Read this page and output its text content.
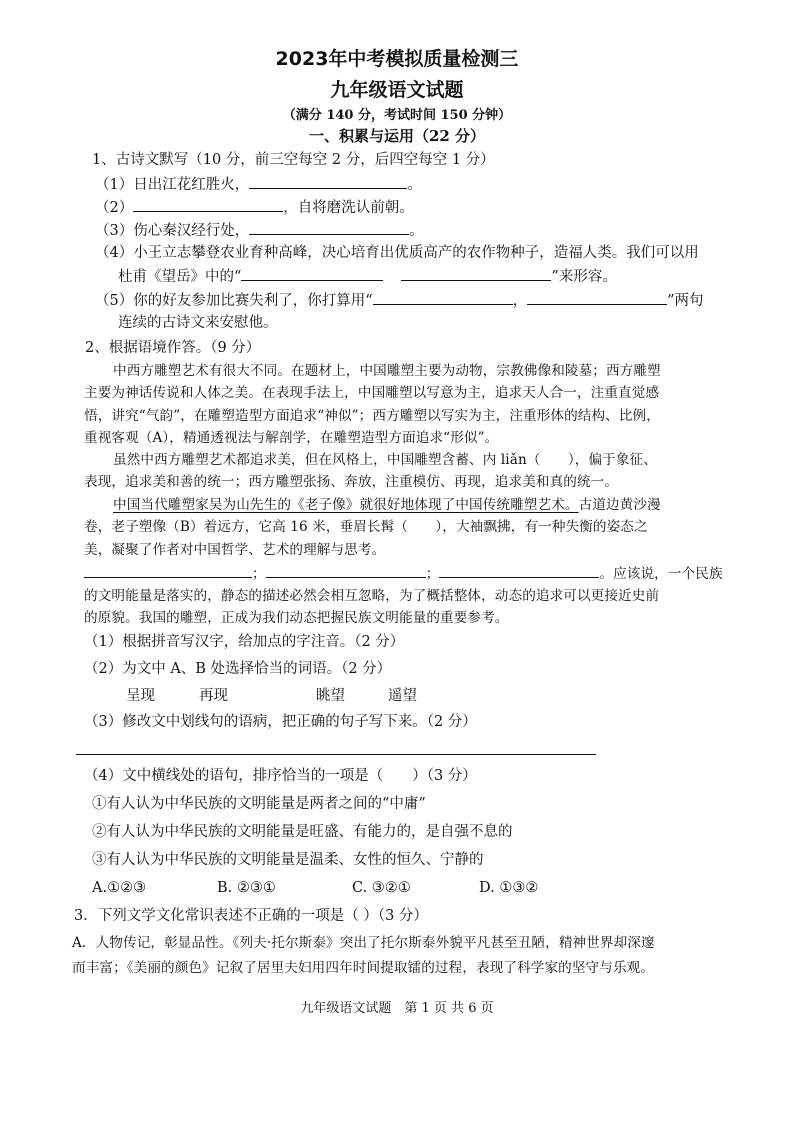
2023年中考模拟质量检测三
九年级语文试题
（满分 140 分，考试时间 150 分钟）
一、积累与运用（22 分）
1、古诗文默写（10 分，前三空每空 2 分，后四空每空 1 分）
（1）日出江花红胜火，	。
（2）	，自将磨洗认前朝。
（3）伤心秦汉经行处，	。
（4）小王立志攀登农业育种高峰，决心培育出优质高产的农作物种子，造福人类。我们可以用
杜甫《望岳》中的“	”来形容。
（5）你的好友参加比赛失利了，你打算用“	，	”两句
连续的古诗文来安慰他。
2、根据语境作答。（9 分）
中西方雕塑艺术有很大不同。在题材上，中国雕塑主要为动物，宗教佛像和陵墓；西方雕塑
主要为神话传说和人体之美。在表现手法上，中国雕塑以写意为主，追求天人合一，注重直觉感
悟，讲究“气韵”，在雕塑造型方面追求“神似”；西方雕塑以写实为主，注重形体的结构、比例，
重视客观（A），精通透视法与解剖学，在雕塑造型方面追求“形似”。
虽然中西方雕塑艺术都追求美，但在风格上，中国雕塑含蓄、内 liǎn（　　），偏于象征、
表现，追求美和善的统一；西方雕塑张扬、奔放，注重模仿、再现，追求美和真的统一。
中国当代雕塑家吴为山先生的《老子像》就很好地体现了中国传统雕塑艺术。古道边黄沙漫
卷，老子塑像（B）着远方，它高 16 米，垂眉长髯（　　），大袖飘拂，有一种失衡的姿态之
美，凝聚了作者对中国哲学、艺术的理解与思考。
；	；	。应该说，一个民族
的文明能量是落实的，静态的描述必然会相互忽略，为了概括整体，动态的追求可以更接近史前
的原貌。我国的雕塑，正成为我们动态把握民族文明能量的重要参考。
（1）根据拼音写汉字，给加点的字注音。（2 分）
（2）为文中 A、B 处选择恰当的词语。（2 分）
呈现	再现	眺望	遥望
（3）修改文中划线句的语病，把正确的句子写下来。（2 分）
（4）文中横线处的语句，排序恰当的一项是（　　）（3 分）
①有人认为中华民族的文明能量是两者之间的“中庸”
②有人认为中华民族的文明能量是旺盛、有能力的，是自强不息的
③有人认为中华民族的文明能量是温柔、女性的恒久、宁静的
A.①②③	B. ②③①	C. ③②①	D. ①③②
3．下列文学文化常识表述不正确的一项是（ ）（3 分）
A．人物传记，彰显品性。《列夫·托尔斯泰》突出了托尔斯泰外貌平凡甚至丑陋，精神世界却深邃
而丰富；《美丽的颜色》记叙了居里夫妇用四年时间提取镭的过程，表现了科学家的坚守与乐观。
九年级语文试题　第 1 页 共 6 页
